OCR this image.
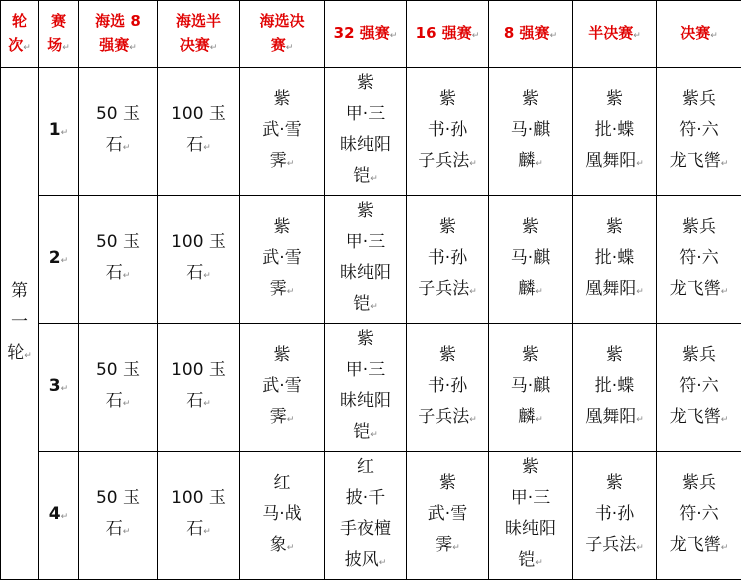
轮
次↵	赛
场↵	海选 8
强赛↵	海选半
决赛↵	海选决
赛↵	32 强赛↵	16 强赛↵	8 强赛↵	半决赛↵	决赛↵

第
一
轮↵	1↵	50 玉
石↵	100 玉
石↵	紫
武·雪
霁↵	紫
甲·三
昧纯阳
铠↵	紫
书·孙
子兵法↵	紫
马·麒
麟↵	紫
批·蝶
凰舞阳↵	紫兵
符·六
龙飞辔↵

	2↵	50 玉
石↵	100 玉
石↵	紫
武·雪
霁↵	紫
甲·三
昧纯阳
铠↵	紫
书·孙
子兵法↵	紫
马·麒
麟↵	紫
批·蝶
凰舞阳↵	紫兵
符·六
龙飞辔↵

	3↵	50 玉
石↵	100 玉
石↵	紫
武·雪
霁↵	紫
甲·三
昧纯阳
铠↵	紫
书·孙
子兵法↵	紫
马·麒
麟↵	紫
批·蝶
凰舞阳↵	紫兵
符·六
龙飞辔↵

	4↵	50 玉
石↵	100 玉
石↵	红
马·战
象↵	红
披·千
手夜檀
披风↵	紫
武·雪
霁↵	紫
甲·三
昧纯阳
铠↵	紫
书·孙
子兵法↵	紫兵
符·六
龙飞辔↵
